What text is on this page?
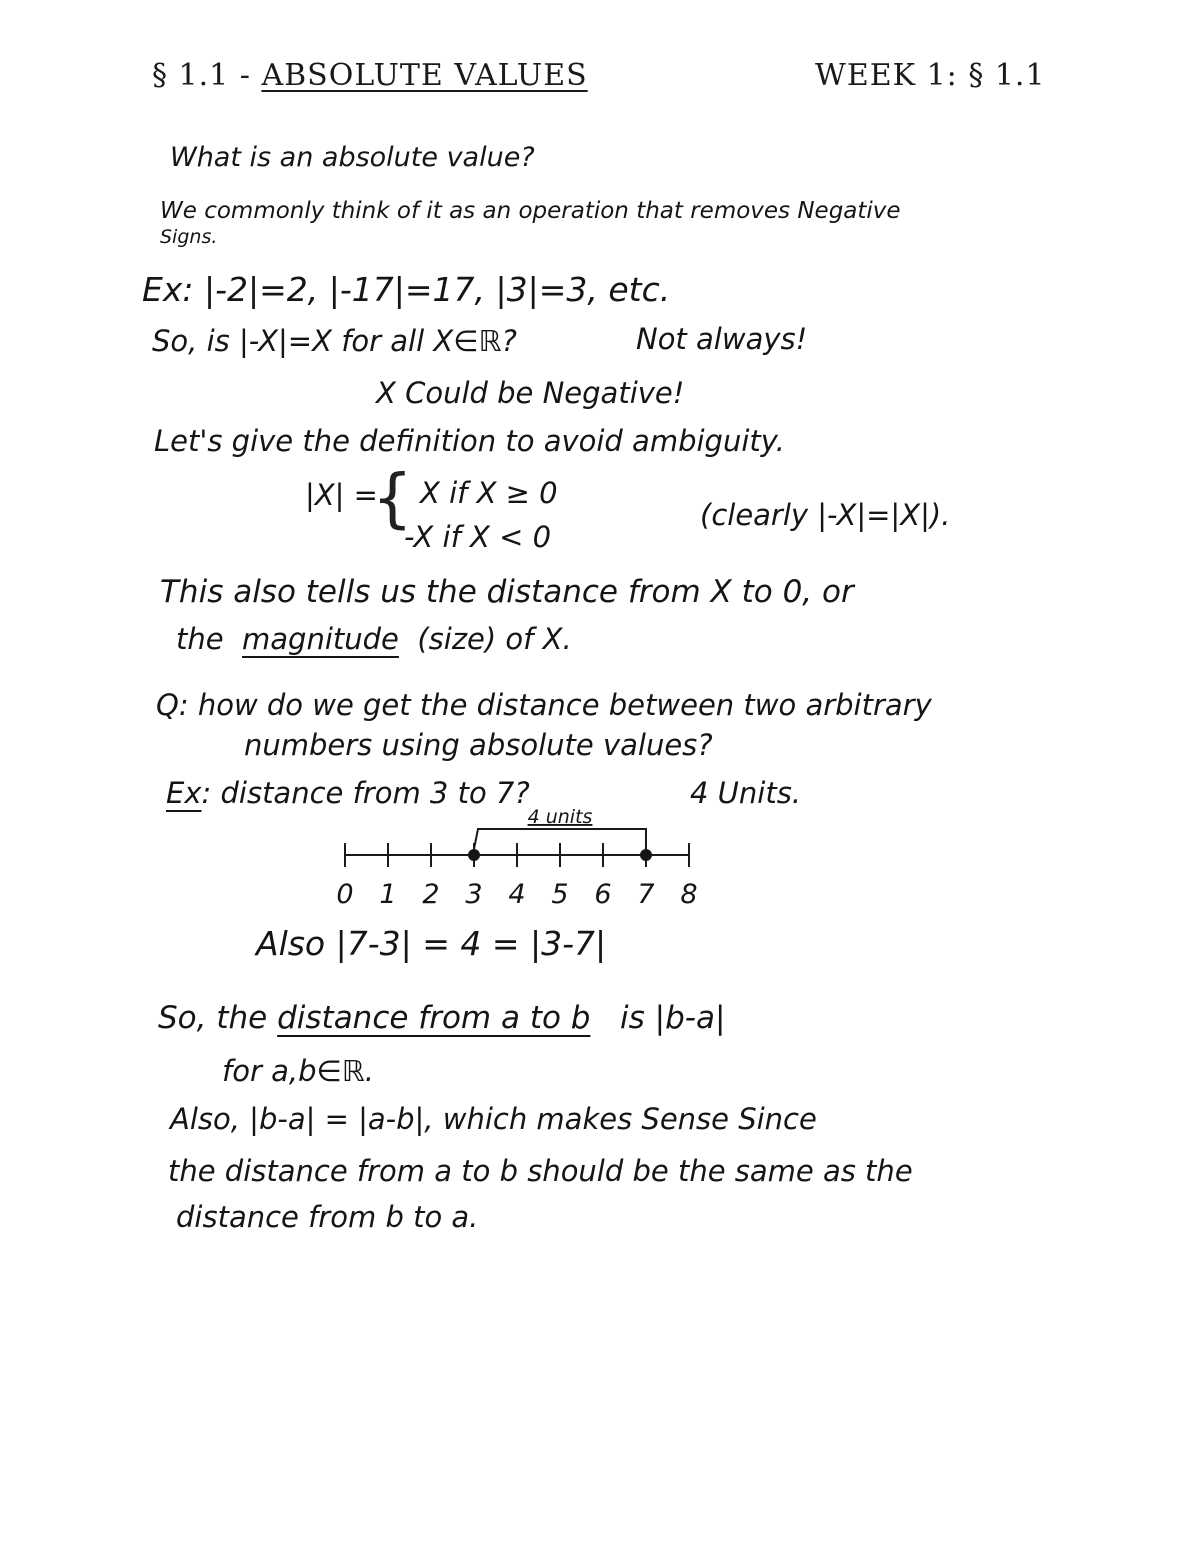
§ 1.1 - ABSOLUTE VALUES	WEEK 1: § 1.1
What is an absolute value?
We commonly think of it as an operation that removes Negative
Signs.
Ex: |-2|=2, |-17|=17, |3|=3, etc.
So, is |-X|=X for all X∈ℝ?	Not always!
X Could be Negative!
Let's give the definition to avoid ambiguity.
|X| =
{ X if X ≥ 0
-X if X < 0
(clearly |-X|=|X|).
This also tells us the distance from X to 0, or
the magnitude (size) of X.
Q: how do we get the distance between two arbitrary
numbers using absolute values?
Ex: distance from 3 to 7?	4 Units.
0 1 2 3 4 5 6 7 8
4 units
Also |7-3| = 4 = |3-7|
So, the distance from a to b is |b-a|
for a,b∈ℝ.
Also, |b-a| = |a-b|, which makes Sense Since
the distance from a to b should be the same as the
distance from b to a.
